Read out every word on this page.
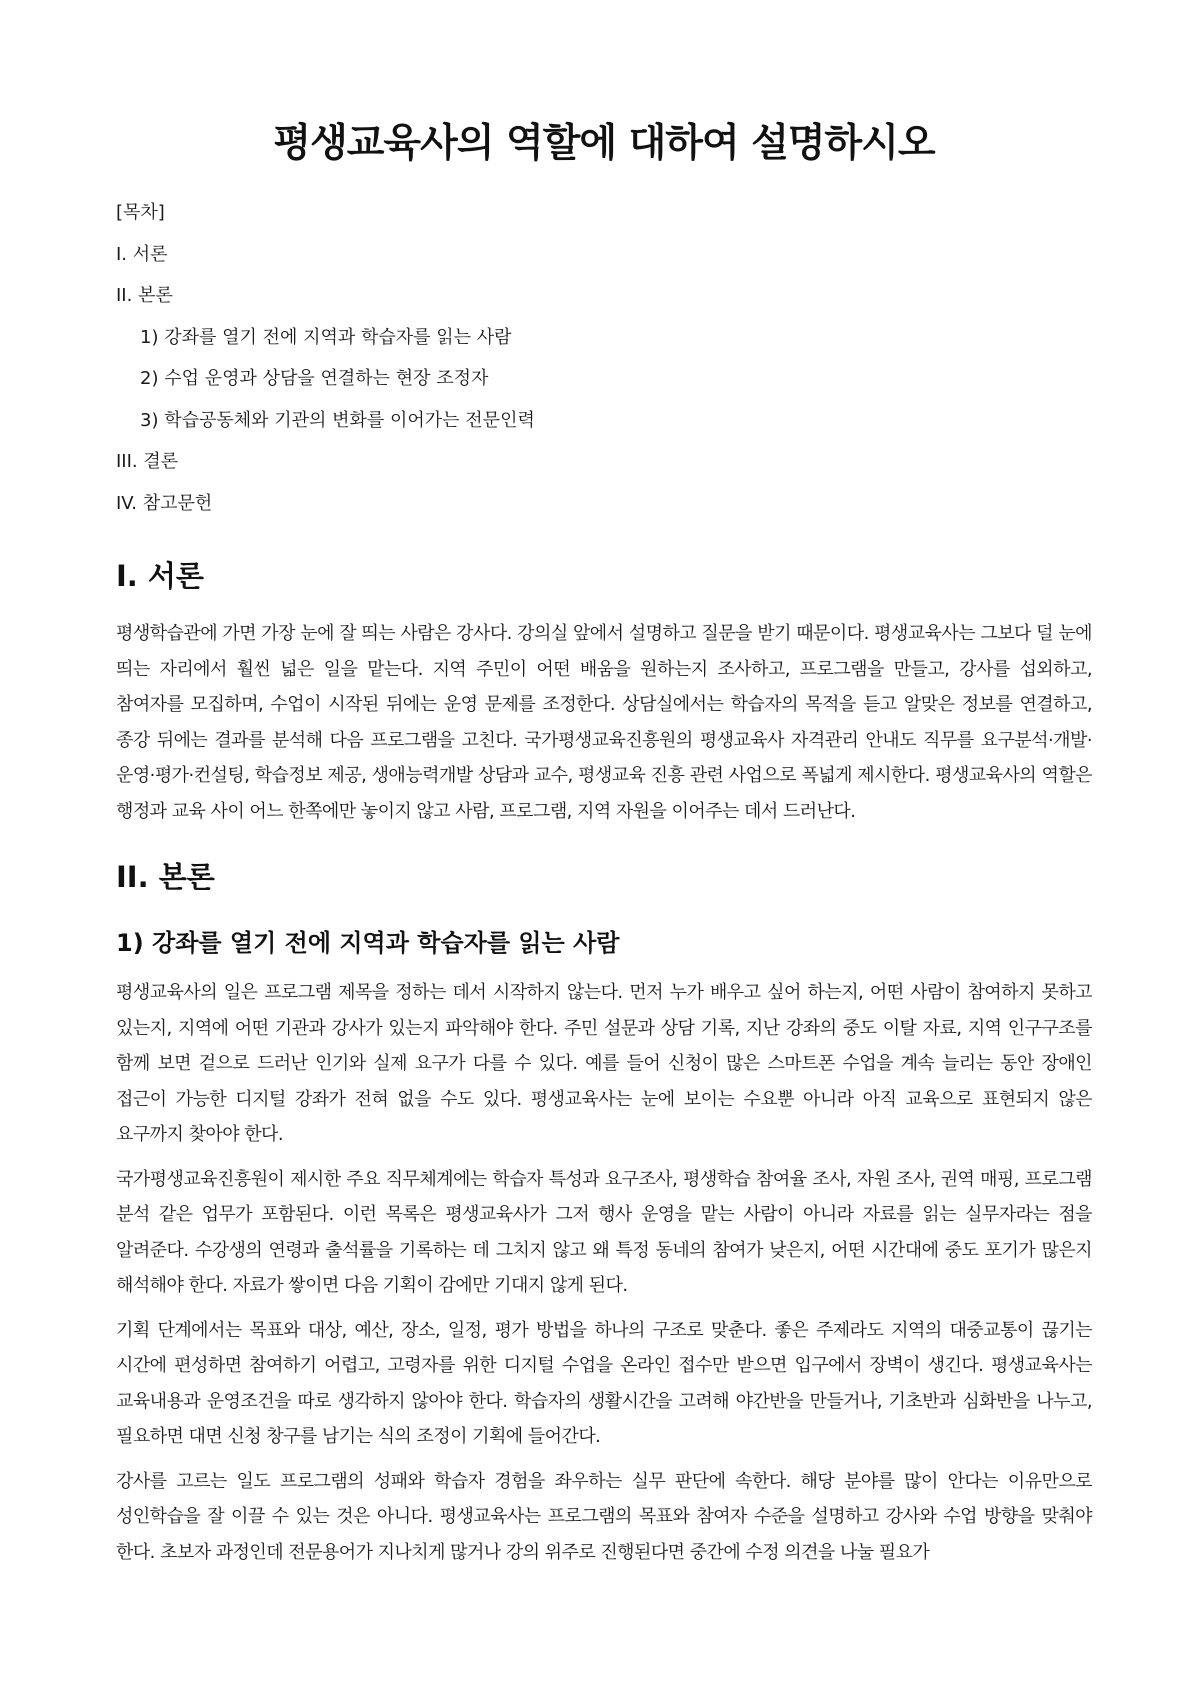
평생교육사의 역할에 대하여 설명하시오

[목차]

I. 서론

II. 본론

1) 강좌를 열기 전에 지역과 학습자를 읽는 사람

2) 수업 운영과 상담을 연결하는 현장 조정자

3) 학습공동체와 기관의 변화를 이어가는 전문인력

III. 결론

IV. 참고문헌

I. 서론

평생학습관에 가면 가장 눈에 잘 띄는 사람은 강사다. 강의실 앞에서 설명하고 질문을 받기 때문이다. 평생교육사는 그보다 덜 눈에 띄는 자리에서 훨씬 넓은 일을 맡는다. 지역 주민이 어떤 배움을 원하는지 조사하고, 프로그램을 만들고, 강사를 섭외하고, 참여자를 모집하며, 수업이 시작된 뒤에는 운영 문제를 조정한다. 상담실에서는 학습자의 목적을 듣고 알맞은 정보를 연결하고, 종강 뒤에는 결과를 분석해 다음 프로그램을 고친다. 국가평생교육진흥원의 평생교육사 자격관리 안내도 직무를 요구분석·개발·운영·평가·컨설팅, 학습정보 제공, 생애능력개발 상담과 교수, 평생교육 진흥 관련 사업으로 폭넓게 제시한다. 평생교육사의 역할은 행정과 교육 사이 어느 한쪽에만 놓이지 않고 사람, 프로그램, 지역 자원을 이어주는 데서 드러난다.

II. 본론
1) 강좌를 열기 전에 지역과 학습자를 읽는 사람

평생교육사의 일은 프로그램 제목을 정하는 데서 시작하지 않는다. 먼저 누가 배우고 싶어 하는지, 어떤 사람이 참여하지 못하고 있는지, 지역에 어떤 기관과 강사가 있는지 파악해야 한다. 주민 설문과 상담 기록, 지난 강좌의 중도 이탈 자료, 지역 인구구조를 함께 보면 겉으로 드러난 인기와 실제 요구가 다를 수 있다. 예를 들어 신청이 많은 스마트폰 수업을 계속 늘리는 동안 장애인 접근이 가능한 디지털 강좌가 전혀 없을 수도 있다. 평생교육사는 눈에 보이는 수요뿐 아니라 아직 교육으로 표현되지 않은 요구까지 찾아야 한다.

국가평생교육진흥원이 제시한 주요 직무체계에는 학습자 특성과 요구조사, 평생학습 참여율 조사, 자원 조사, 권역 매핑, 프로그램 분석 같은 업무가 포함된다. 이런 목록은 평생교육사가 그저 행사 운영을 맡는 사람이 아니라 자료를 읽는 실무자라는 점을 알려준다. 수강생의 연령과 출석률을 기록하는 데 그치지 않고 왜 특정 동네의 참여가 낮은지, 어떤 시간대에 중도 포기가 많은지 해석해야 한다. 자료가 쌓이면 다음 기획이 감에만 기대지 않게 된다.

기획 단계에서는 목표와 대상, 예산, 장소, 일정, 평가 방법을 하나의 구조로 맞춘다. 좋은 주제라도 지역의 대중교통이 끊기는 시간에 편성하면 참여하기 어렵고, 고령자를 위한 디지털 수업을 온라인 접수만 받으면 입구에서 장벽이 생긴다. 평생교육사는 교육내용과 운영조건을 따로 생각하지 않아야 한다. 학습자의 생활시간을 고려해 야간반을 만들거나, 기초반과 심화반을 나누고, 필요하면 대면 신청 창구를 남기는 식의 조정이 기획에 들어간다.

강사를 고르는 일도 프로그램의 성패와 학습자 경험을 좌우하는 실무 판단에 속한다. 해당 분야를 많이 안다는 이유만으로 성인학습을 잘 이끌 수 있는 것은 아니다. 평생교육사는 프로그램의 목표와 참여자 수준을 설명하고 강사와 수업 방향을 맞춰야 한다. 초보자 과정인데 전문용어가 지나치게 많거나 강의 위주로 진행된다면 중간에 수정 의견을 나눌 필요가
